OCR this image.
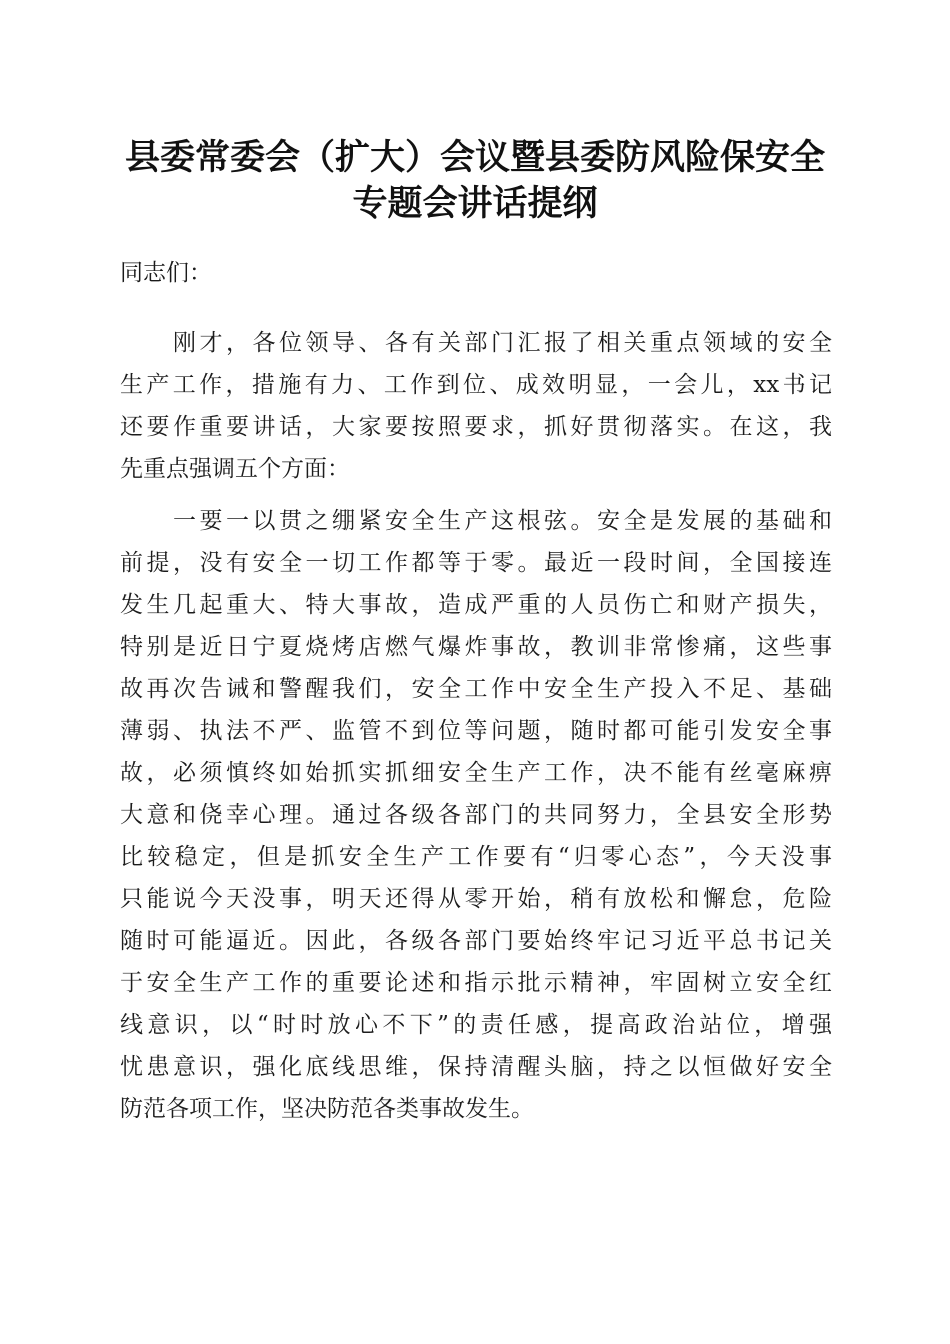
县委常委会（扩大）会议暨县委防风险保安全
专题会讲话提纲
同志们：
　　刚才，各位领导、各有关部门汇报了相关重点领域的安全
生产工作，措施有力、工作到位、成效明显，一会儿，xx书记
还要作重要讲话，大家要按照要求，抓好贯彻落实。在这，我
先重点强调五个方面：
　　一要一以贯之绷紧安全生产这根弦。安全是发展的基础和
前提，没有安全一切工作都等于零。最近一段时间，全国接连
发生几起重大、特大事故，造成严重的人员伤亡和财产损失，
特别是近日宁夏烧烤店燃气爆炸事故，教训非常惨痛，这些事
故再次告诫和警醒我们，安全工作中安全生产投入不足、基础
薄弱、执法不严、监管不到位等问题，随时都可能引发安全事
故，必须慎终如始抓实抓细安全生产工作，决不能有丝毫麻痹
大意和侥幸心理。通过各级各部门的共同努力，全县安全形势
比较稳定，但是抓安全生产工作要有“归零心态”，今天没事
只能说今天没事，明天还得从零开始，稍有放松和懈怠，危险
随时可能逼近。因此，各级各部门要始终牢记习近平总书记关
于安全生产工作的重要论述和指示批示精神，牢固树立安全红
线意识，以“时时放心不下”的责任感，提高政治站位，增强
忧患意识，强化底线思维，保持清醒头脑，持之以恒做好安全
防范各项工作，坚决防范各类事故发生。
